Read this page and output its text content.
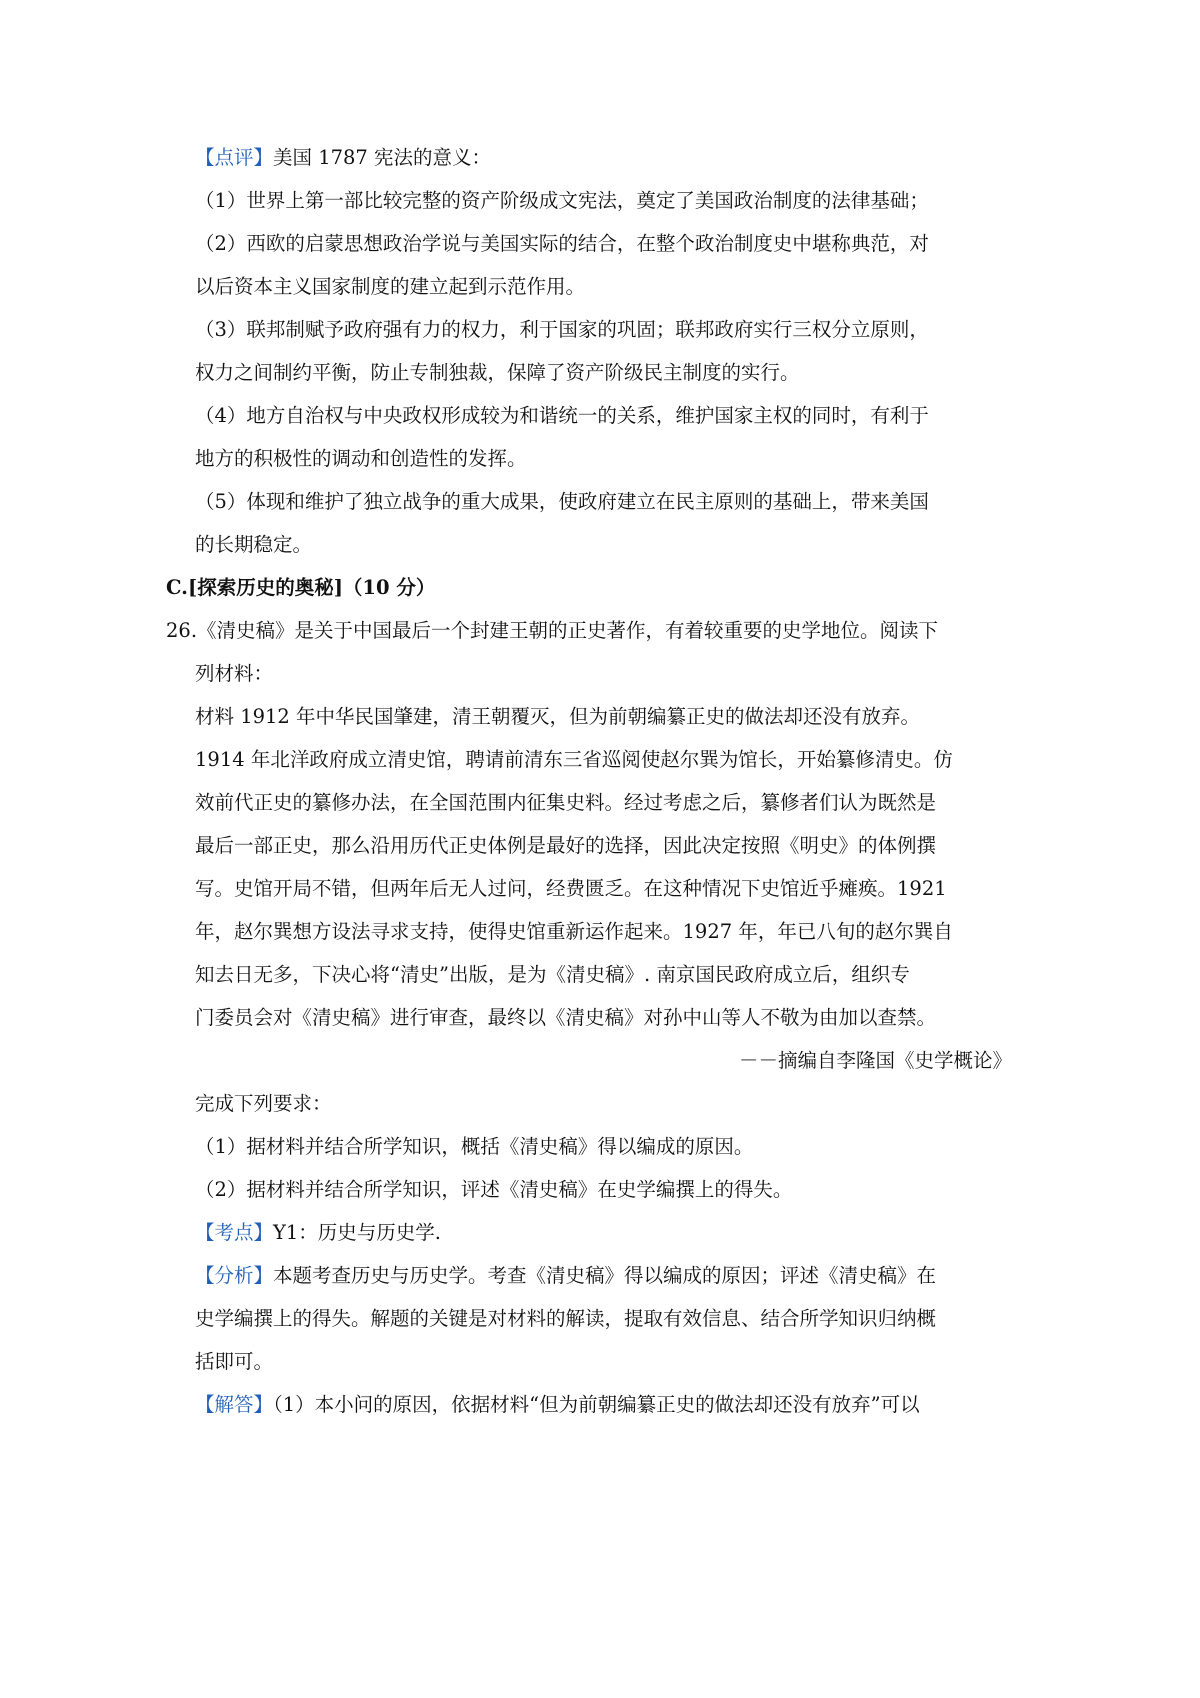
【点评】美国 1787 宪法的意义：
（1）世界上第一部比较完整的资产阶级成文宪法，奠定了美国政治制度的法律基础；
（2）西欧的启蒙思想政治学说与美国实际的结合，在整个政治制度史中堪称典范，对
以后资本主义国家制度的建立起到示范作用。
（3）联邦制赋予政府强有力的权力，利于国家的巩固；联邦政府实行三权分立原则，
权力之间制约平衡，防止专制独裁，保障了资产阶级民主制度的实行。
（4）地方自治权与中央政权形成较为和谐统一的关系，维护国家主权的同时，有利于
地方的积极性的调动和创造性的发挥。
（5）体现和维护了独立战争的重大成果，使政府建立在民主原则的基础上，带来美国
的长期稳定。
C.[探索历史的奥秘]（10 分）
26.《清史稿》是关于中国最后一个封建王朝的正史著作，有着较重要的史学地位。阅读下
列材料：
材料 1912 年中华民国肇建，清王朝覆灭，但为前朝编纂正史的做法却还没有放弃。
1914 年北洋政府成立清史馆，聘请前清东三省巡阅使赵尔巽为馆长，开始纂修清史。仿
效前代正史的纂修办法，在全国范围内征集史料。经过考虑之后，纂修者们认为既然是
最后一部正史，那么沿用历代正史体例是最好的选择，因此决定按照《明史》的体例撰
写。史馆开局不错，但两年后无人过问，经费匮乏。在这种情况下史馆近乎瘫痪。1921
年，赵尔巽想方设法寻求支持，使得史馆重新运作起来。1927 年，年已八旬的赵尔巽自
知去日无多，下决心将“清史”出版，是为《清史稿》. 南京国民政府成立后，组织专
门委员会对《清史稿》进行审查，最终以《清史稿》对孙中山等人不敬为由加以查禁。
－－摘编自李隆国《史学概论》
完成下列要求：
（1）据材料并结合所学知识，概括《清史稿》得以编成的原因。
（2）据材料并结合所学知识，评述《清史稿》在史学编撰上的得失。
【考点】Y1：历史与历史学.
【分析】本题考查历史与历史学。考查《清史稿》得以编成的原因；评述《清史稿》在
史学编撰上的得失。解题的关键是对材料的解读，提取有效信息、结合所学知识归纳概
括即可。
【解答】（1）本小问的原因，依据材料“但为前朝编纂正史的做法却还没有放弃”可以
